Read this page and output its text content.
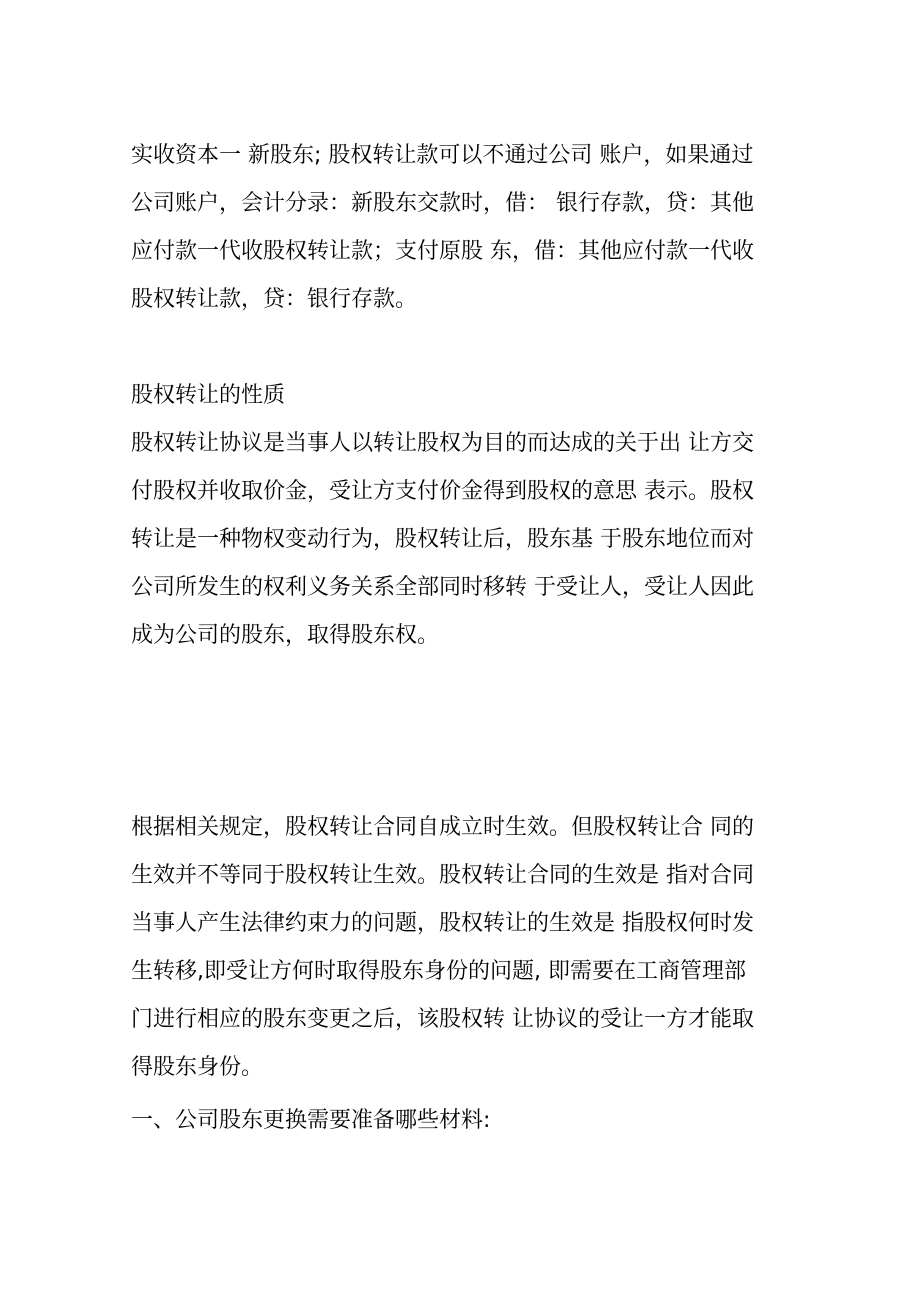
实收资本一 新股东; 股权转让款可以不通过公司 账户，如果通过
公司账户，会计分录：新股东交款时，借： 银行存款，贷：其他
应付款一代收股权转让款；支付原股 东，借：其他应付款一代收
股权转让款，贷：银行存款。
股权转让的性质
股权转让协议是当事人以转让股权为目的而达成的关于出 让方交
付股权并收取价金，受让方支付价金得到股权的意思 表示。股权
转让是一种物权变动行为，股权转让后，股东基 于股东地位而对
公司所发生的权利义务关系全部同时移转 于受让人，受让人因此
成为公司的股东，取得股东权。
根据相关规定，股权转让合同自成立时生效。但股权转让合 同的
生效并不等同于股权转让生效。股权转让合同的生效是 指对合同
当事人产生法律约束力的问题，股权转让的生效是 指股权何时发
生转移,即受让方何时取得股东身份的问题, 即需要在工商管理部
门进行相应的股东变更之后，该股权转 让协议的受让一方才能取
得股东身份。
一、公司股东更换需要准备哪些材料:
